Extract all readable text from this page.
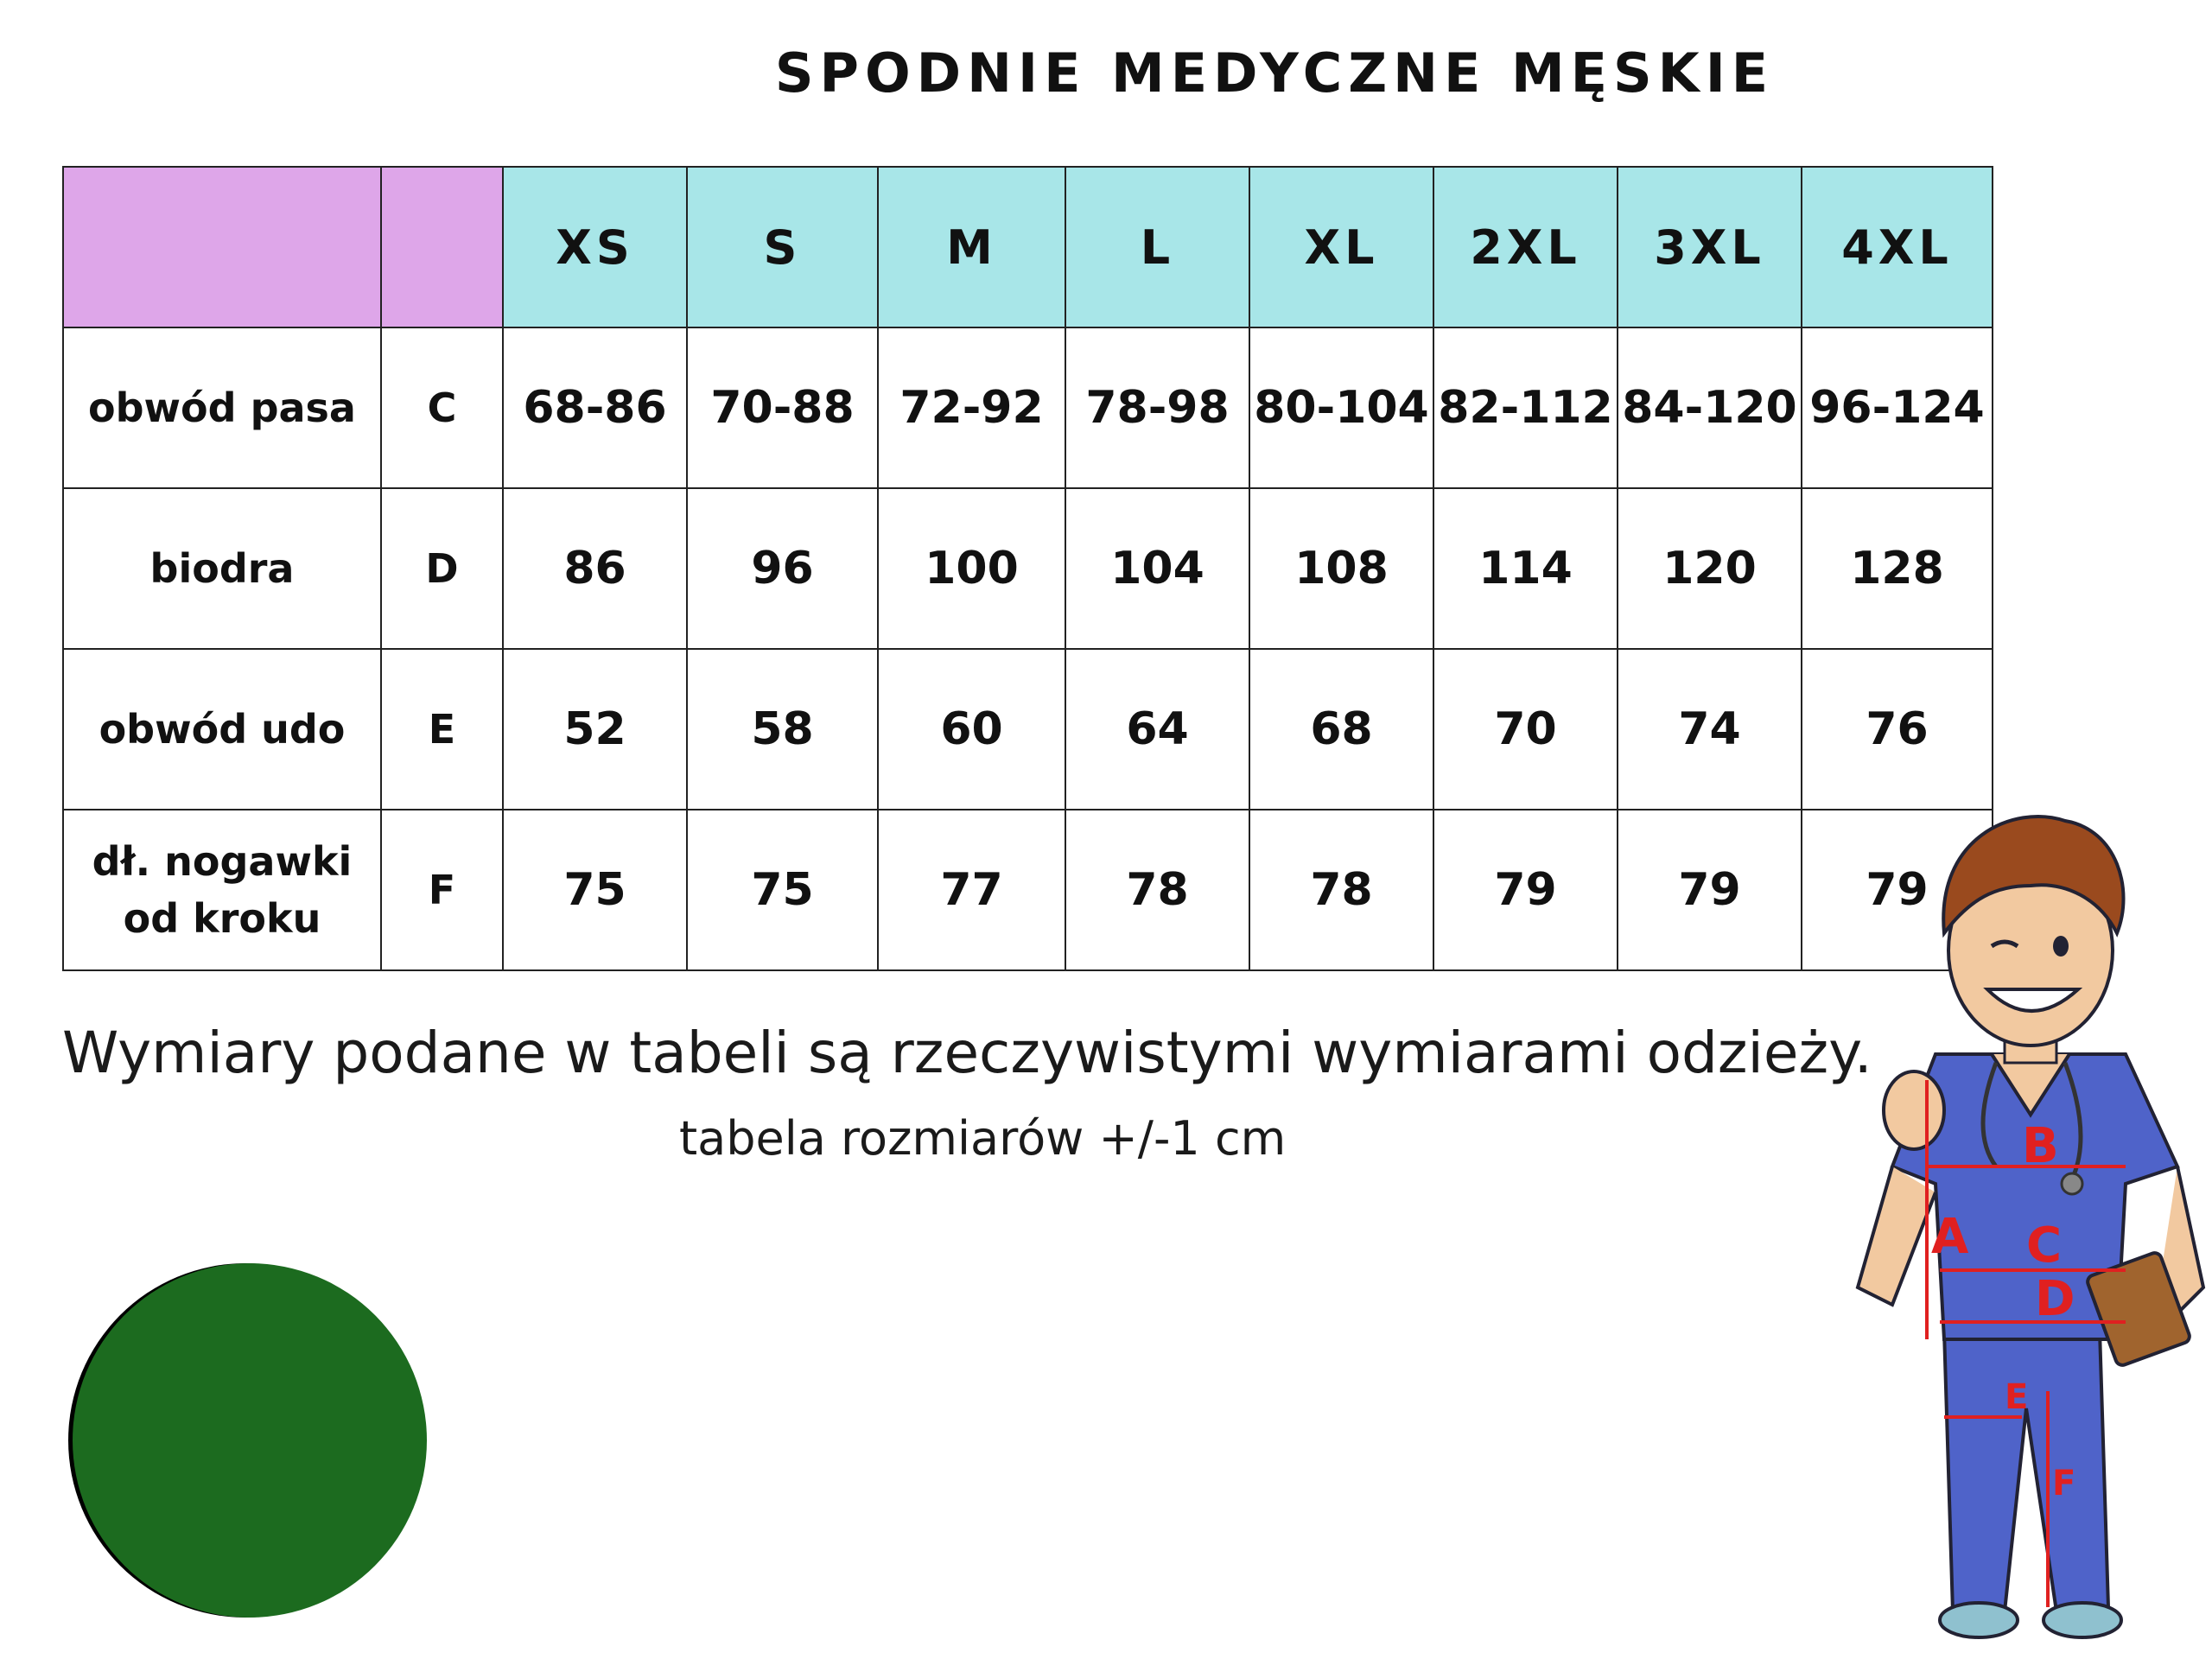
SPODNIE MEDYCZNE MĘSKIE
		XS	S	M	L	XL	2XL	3XL	4XL
obwód pasa	C	68-86	70-88	72-92	78-98	80-104	82-112	84-120	96-124
biodra	D	86	96	100	104	108	114	120	128
obwód udo	E	52	58	60	64	68	70	74	76
dł. nogawki od kroku	F	75	75	77	78	78	79	79	79
Wymiary podane w tabeli są rzeczywistymi wymiarami odzieży.
tabela rozmiarów +/-1 cm	B
A C
D
E
F
